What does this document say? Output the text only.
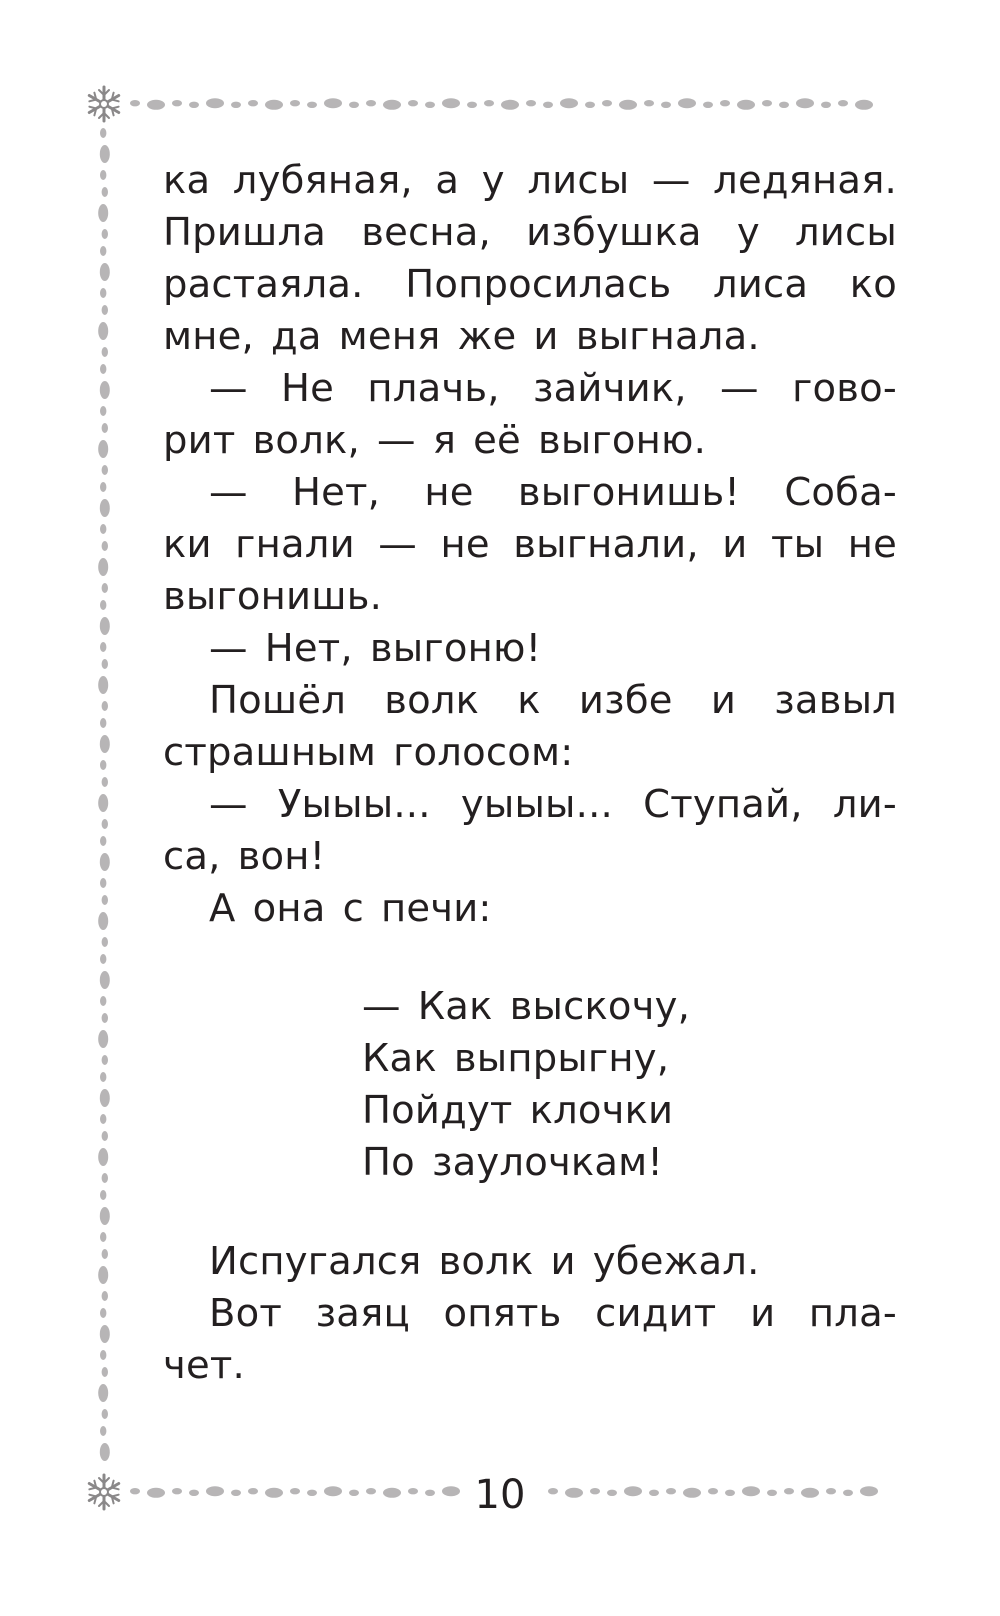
ка лубяная, а у лисы — ледяная.
Пришла весна, избушка у лисы
растаяла. Попросилась лиса ко
мне, да меня же и выгнала.
— Не плачь, зайчик, — гово-
рит волк, — я её выгоню.
— Нет, не выгонишь! Соба-
ки гнали — не выгнали, и ты не
выгонишь.
— Нет, выгоню!
Пошёл волк к избе и завыл
страшным голосом:
— Уыыы... уыыы... Ступай, ли-
са, вон!
А она с печи:
— Как выскочу,
Как выпрыгну,
Пойдут клочки
По заулочкам!
Испугался волк и убежал.
Вот заяц опять сидит и пла-
чет.
10
